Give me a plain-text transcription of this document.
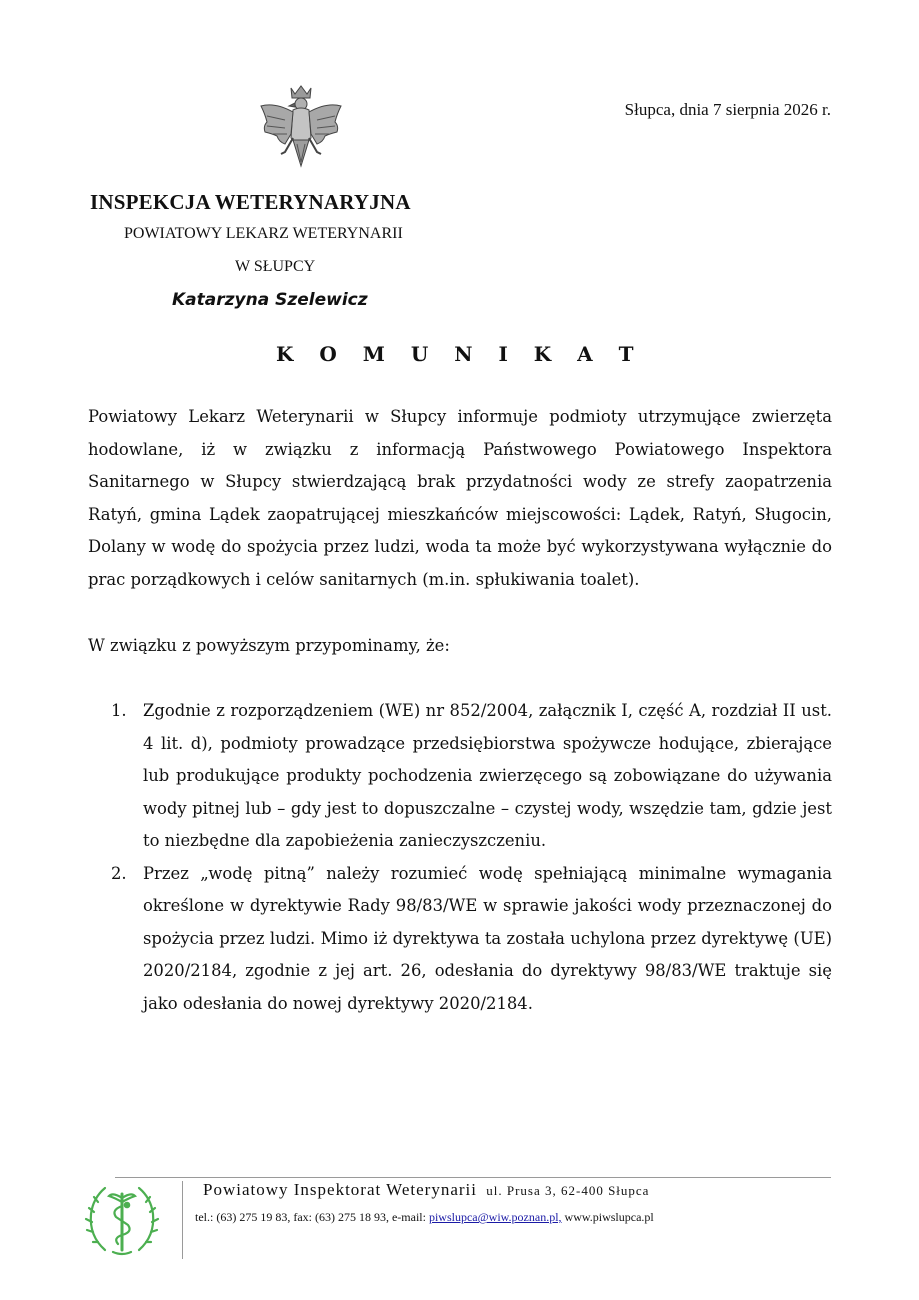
Słupca, dnia 7 sierpnia 2026 r.
INSPEKCJA WETERYNARYJNA
POWIATOWY LEKARZ WETERYNARII
W SŁUPCY
Katarzyna Szelewicz
K O M U N I K A T

Powiatowy Lekarz Weterynarii w Słupcy informuje podmioty utrzymujące zwierzęta hodowlane, iż w związku z informacją Państwowego Powiatowego Inspektora Sanitarnego w Słupcy stwierdzającą brak przydatności wody ze strefy zaopatrzenia Ratyń, gmina Lądek zaopatrującej mieszkańców miejscowości: Lądek, Ratyń, Sługocin, Dolany w wodę do spożycia przez ludzi, woda ta może być wykorzystywana wyłącznie do prac porządkowych i celów sanitarnych (m.in. spłukiwania toalet).

W związku z powyższym przypominamy, że:

1. Zgodnie z rozporządzeniem (WE) nr 852/2004, załącznik I, część A, rozdział II ust. 4 lit. d), podmioty prowadzące przedsiębiorstwa spożywcze hodujące, zbierające lub produkujące produkty pochodzenia zwierzęcego są zobowiązane do używania wody pitnej lub – gdy jest to dopuszczalne – czystej wody, wszędzie tam, gdzie jest to niezbędne dla zapobieżenia zanieczyszczeniu.
2. Przez „wodę pitną” należy rozumieć wodę spełniającą minimalne wymagania określone w dyrektywie Rady 98/83/WE w sprawie jakości wody przeznaczonej do spożycia przez ludzi. Mimo iż dyrektywa ta została uchylona przez dyrektywę (UE) 2020/2184, zgodnie z jej art. 26, odesłania do dyrektywy 98/83/WE traktuje się jako odesłania do nowej dyrektywy 2020/2184.
Powiatowy Inspektorat Weterynarii ul. Prusa 3, 62-400 Słupca
tel.: (63) 275 19 83, fax: (63) 275 18 93, e-mail: piwslupca@wiw.poznan.pl, www.piwslupca.pl
